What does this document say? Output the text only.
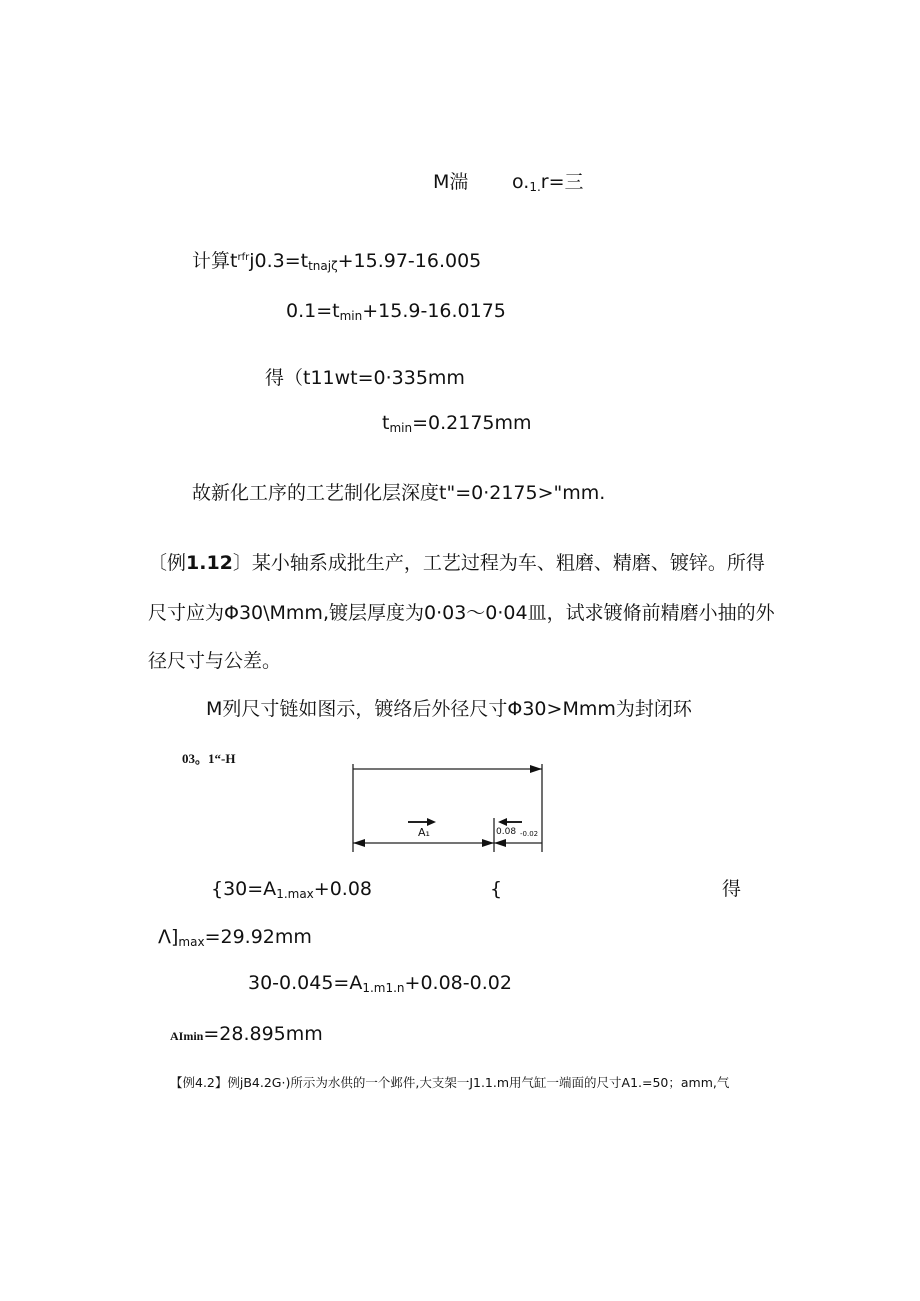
M湍 o.1.r=三
计算$t^{rfr}j0.3=ttnaj\zeta+15.97-16.005$
0.1=tmin+15.9-16.0175
得（t11wt=0·335mm
tmin=0.2175mm
故新化工序的工艺制化层深度t"=0·2175>"mm.
〔例1.12〕某小轴系成批生产，工艺过程为车、粗磨、精磨、镀锌。所得
尺寸应为Φ30\Mmm,镀层厚度为0·03～0·04皿，试求镀脩前精磨小抽的外
径尺寸与公差。
M列尺寸链如图示，镀络后外径尺寸Φ30>Mmm为封闭环
03。1“-H
A₁	0.08 -0.02
{30=A1.max+0.08	{	得
Λ]max=29.92mm
30-0.045=A1.m1.n+0.08-0.02
AImin=28.895mm
【例4.2】例jB4.2G·)所示为水供的一个邺件,大支架一J1.1.m用气缸一端面的尺寸A1.=50；amm,气
